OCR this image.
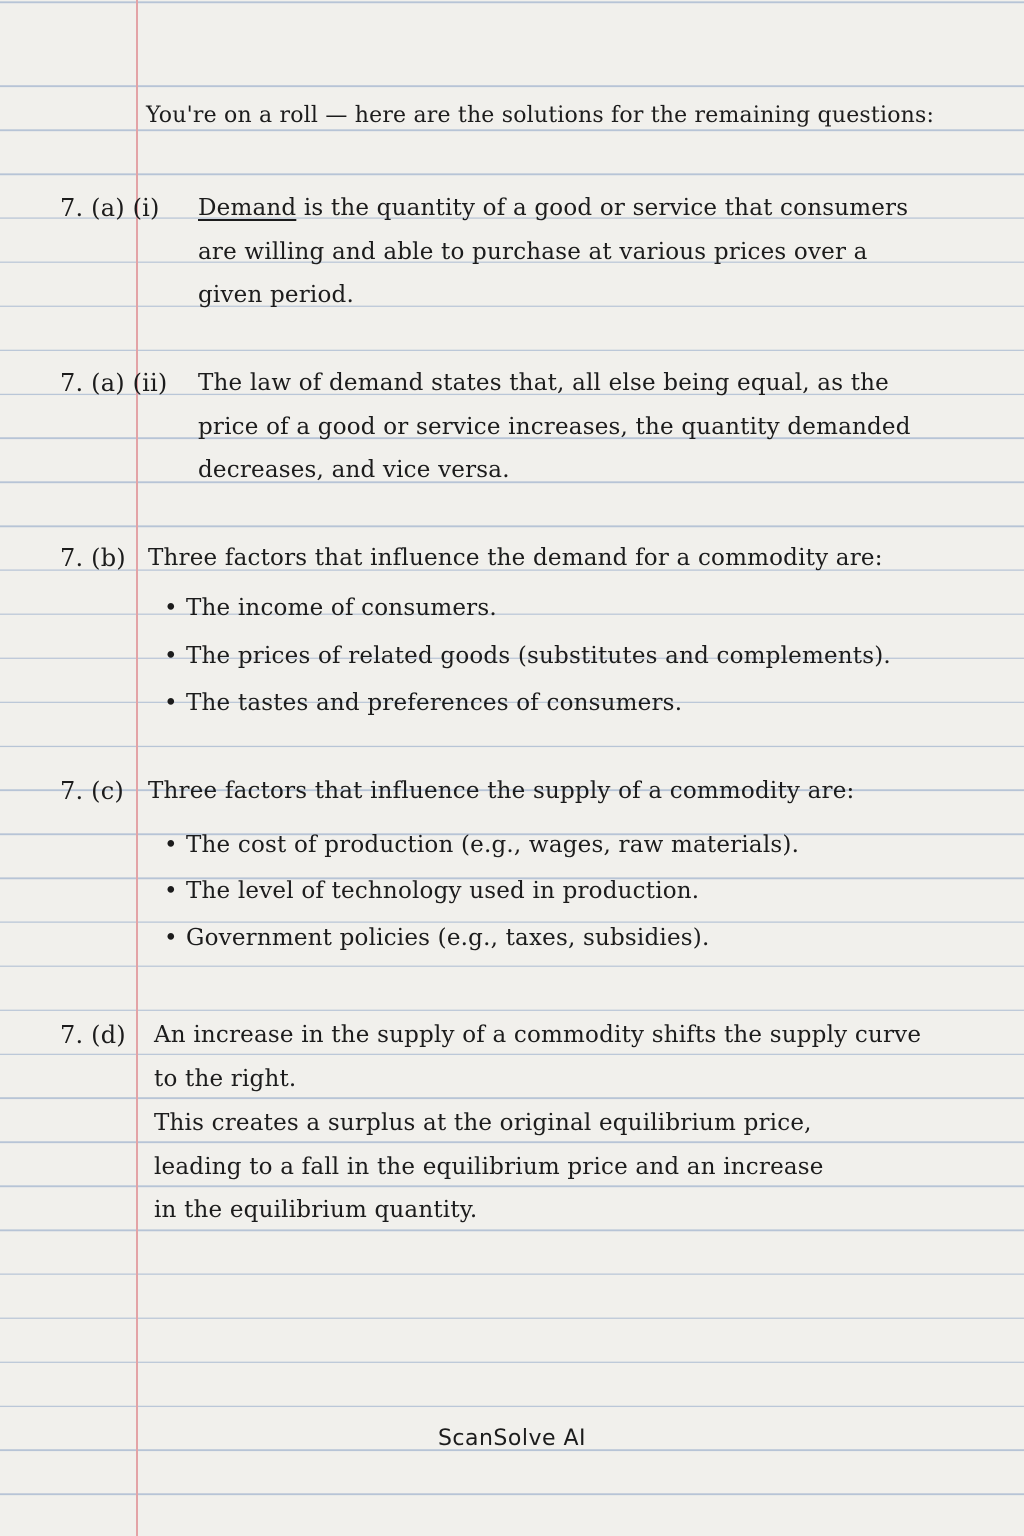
You're on a roll — here are the solutions for the remaining questions:
7. (a) (i) Demand is the quantity of a good or service that consumers
are willing and able to purchase at various prices over a
given period.
7. (a) (ii) The law of demand states that, all else being equal, as the
price of a good or service increases, the quantity demanded
decreases, and vice versa.
7. (b) Three factors that influence the demand for a commodity are:
• The income of consumers.
• The prices of related goods (substitutes and complements).
• The tastes and preferences of consumers.
7. (c) Three factors that influence the supply of a commodity are:
• The cost of production (e.g., wages, raw materials).
• The level of technology used in production.
• Government policies (e.g., taxes, subsidies).
7. (d) An increase in the supply of a commodity shifts the supply curve
to the right.
This creates a surplus at the original equilibrium price,
leading to a fall in the equilibrium price and an increase
in the equilibrium quantity.
ScanSolve AI
